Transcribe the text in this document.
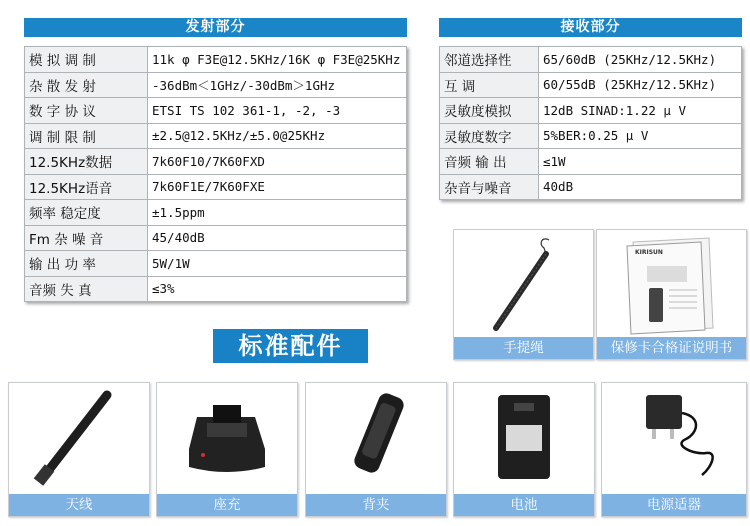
发射部分
模 拟 调 制	11k φ F3E@12.5KHz/16K φ F3E@25KHz
杂 散 发 射	-36dBm＜1GHz/-30dBm＞1GHz
数 字 协 议	ETSI TS 102 361-1, -2, -3
调 制 限 制	±2.5@12.5KHz/±5.0@25KHz
12.5KHz数据	7k60F10/7K60FXD
12.5KHz语音	7k60F1E/7K60FXE
频率 稳定度	±1.5ppm
Fm 杂 噪 音	45/40dB
输 出 功 率	5W/1W
音频 失 真	≤3%
接收部分
邻道选择性	65/60dB (25KHz/12.5KHz)
互 调	60/55dB (25KHz/12.5KHz)
灵敏度模拟	12dB SINAD:1.22 μ V
灵敏度数字	5%BER:0.25 μ V
音频 输 出	≤1W
杂音与噪音	40dB
标准配件	手提绳
KIRISUN
保修卡合格证说明书
天线	座充	背夹	电池	电源适器
